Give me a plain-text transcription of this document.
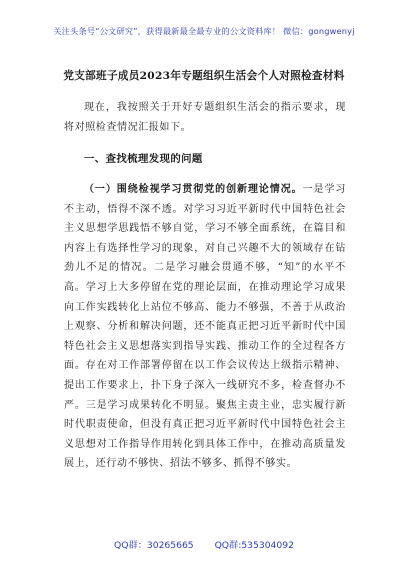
关注头条号“公文研究”，获得最新最全最专业的公文资料库！ 微信：gongwenyj
党支部班子成员2023年专题组织生活会个人对照检查材料
现在，我按照关于开好专题组织生活会的指示要求，现将对照检查情况汇报如下。
一、查找梳理发现的问题
（一）围绕检视学习贯彻党的创新理论情况。一是学习不主动，悟得不深不透。对学习习近平新时代中国特色社会主义思想学思践悟不够自觉，学习不够全面系统，在篇目和内容上有选择性学习的现象，对自己兴趣不大的领域存在钻劲儿不足的情况。二是学习融会贯通不够，“知”的水平不高。学习上大多停留在党的理论层面，在推动理论学习成果向工作实践转化上站位不够高、能力不够强，不善于从政治上观察、分析和解决问题，还不能真正把习近平新时代中国特色社会主义思想落实到指导实践、推动工作的全过程各方面。存在对工作部署停留在以工作会议传达上级指示精神、提出工作要求上，扑下身子深入一线研究不多，检查督办不严。三是学习成果转化不明显。聚焦主责主业，忠实履行新时代职责使命，但没有真正把习近平新时代中国特色社会主义思想对工作指导作用转化到具体工作中，在推动高质量发展上，还行动不够快、招法不够多、抓得不够实。
QQ群：30265665 QQ群:535304092
